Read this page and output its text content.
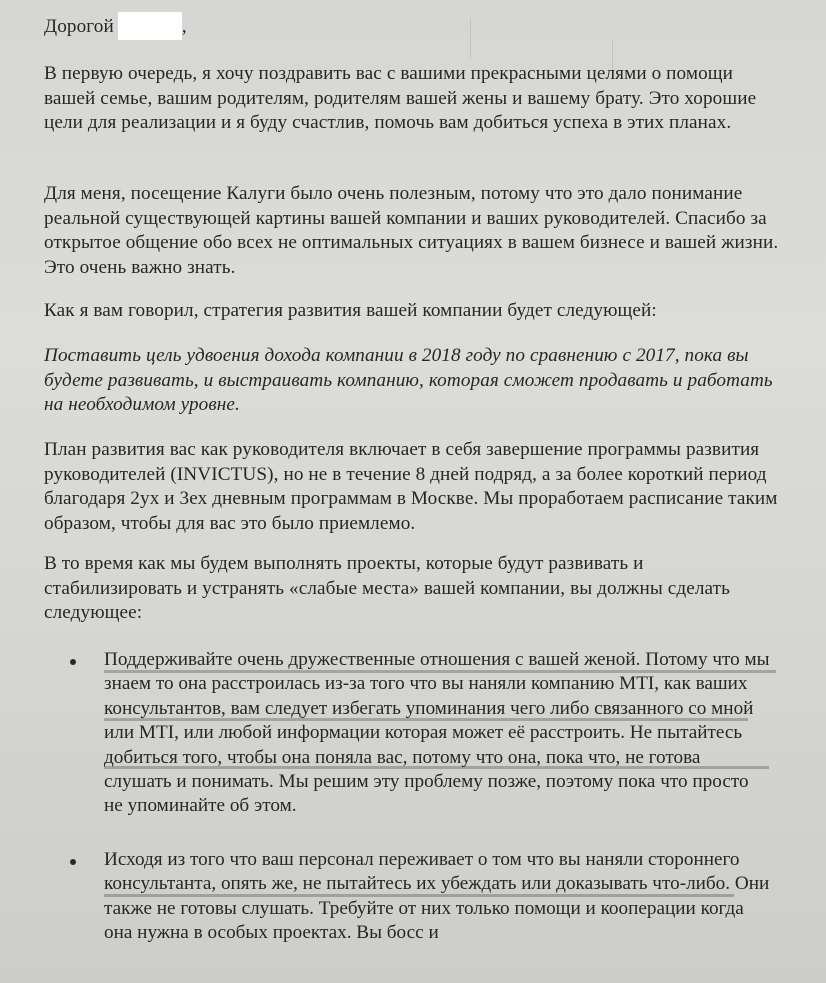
Дорогой	,

В первую очередь, я хочу поздравить вас с вашими прекрасными целями о помощи вашей семье, вашим родителям, родителям вашей жены и вашему брату. Это хорошие цели для реализации и я буду счастлив, помочь вам добиться успеха в этих планах.

Для меня, посещение Калуги было очень полезным, потому что это дало понимание реальной существующей картины вашей компании и ваших руководителей. Спасибо за открытое общение обо всех не оптимальных ситуациях в вашем бизнесе и вашей жизни. Это очень важно знать.

Как я вам говорил, стратегия развития вашей компании будет следующей:

Поставить цель удвоения дохода компании в 2018 году по сравнению с 2017, пока вы будете развивать, и выстраивать компанию, которая сможет продавать и работать на необходимом уровне.

План развития вас как руководителя включает в себя завершение программы развития руководителей (INVICTUS), но не в течение 8 дней подряд, а за более короткий период благодаря 2ух и 3ех дневным программам в Москве. Мы проработаем расписание таким образом, чтобы для вас это было приемлемо.

В то время как мы будем выполнять проекты, которые будут развивать и стабилизировать и устранять «слабые места» вашей компании, вы должны сделать следующее:

Поддерживайте очень дружественные отношения с вашей женой. Потому что мы знаем то она расстроилась из-за того что вы наняли компанию MTI, как ваших консультантов, вам следует избегать упоминания чего либо связанного со мной или MTI, или любой информации которая может её расстроить. Не пытайтесь добиться того, чтобы она поняла вас, потому что она, пока что, не готова слушать и понимать. Мы решим эту проблему позже, поэтому пока что просто не упоминайте об этом.
Исходя из того что ваш персонал переживает о том что вы наняли стороннего консультанта, опять же, не пытайтесь их убеждать или доказывать что-либо. Они также не готовы слушать. Требуйте от них только помощи и кооперации когда она нужна в особых проектах. Вы босс и
